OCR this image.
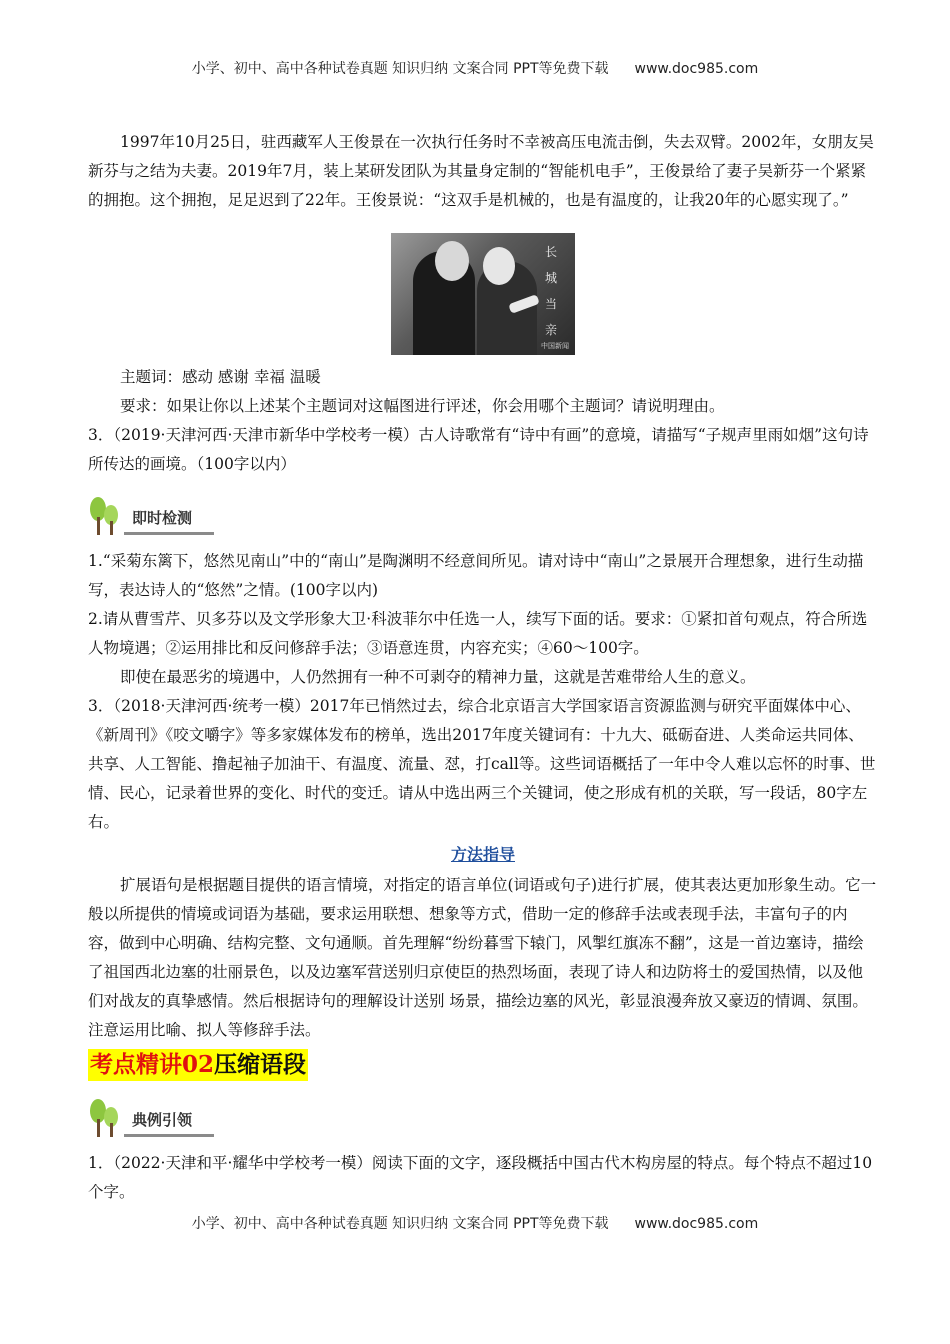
小学、初中、高中各种试卷真题 知识归纳 文案合同 PPT等免费下载 www.doc985.com

1997年10月25日，驻西藏军人王俊景在一次执行任务时不幸被高压电流击倒，失去双臂。2002年，女朋友吴新芬与之结为夫妻。2019年7月，装上某研发团队为其量身定制的“智能机电手”，王俊景给了妻子吴新芬一个紧紧的拥抱。这个拥抱，足足迟到了22年。王俊景说：“这双手是机械的，也是有温度的，让我20年的心愿实现了。”

长城当亲
中国新闻

主题词：感动 感谢 幸福 温暖

要求：如果让你以上述某个主题词对这幅图进行评述，你会用哪个主题词？请说明理由。

3．（2019·天津河西·天津市新华中学校考一模）古人诗歌常有“诗中有画”的意境，请描写“子规声里雨如烟”这句诗所传达的画境。（100字以内）

即时检测

1.“采菊东篱下，悠然见南山”中的“南山”是陶渊明不经意间所见。请对诗中“南山”之景展开合理想象，进行生动描写，表达诗人的“悠然”之情。(100字以内)

2.请从曹雪芹、贝多芬以及文学形象大卫·科波菲尔中任选一人，续写下面的话。要求：①紧扣首句观点，符合所选人物境遇；②运用排比和反问修辞手法；③语意连贯，内容充实；④60～100字。

即使在最恶劣的境遇中，人仍然拥有一种不可剥夺的精神力量，这就是苦难带给人生的意义。

3．（2018·天津河西·统考一模）2017年已悄然过去，综合北京语言大学国家语言资源监测与研究平面媒体中心、《新周刊》《咬文嚼字》等多家媒体发布的榜单，选出2017年度关键词有：十九大、砥砺奋进、人类命运共同体、共享、人工智能、撸起袖子加油干、有温度、流量、怼，打call等。这些词语概括了一年中令人难以忘怀的时事、世情、民心，记录着世界的变化、时代的变迁。请从中选出两三个关键词，使之形成有机的关联，写一段话，80字左右。

方法指导

扩展语句是根据题目提供的语言情境，对指定的语言单位(词语或句子)进行扩展，使其表达更加形象生动。它一般以所提供的情境或词语为基础，要求运用联想、想象等方式，借助一定的修辞手法或表现手法，丰富句子的内容，做到中心明确、结构完整、文句通顺。首先理解“纷纷暮雪下辕门，风掣红旗冻不翻”，这是一首边塞诗，描绘了祖国西北边塞的壮丽景色，以及边塞军营送别归京使臣的热烈场面，表现了诗人和边防将士的爱国热情，以及他们对战友的真挚感情。然后根据诗句的理解设计送别 场景，描绘边塞的风光，彰显浪漫奔放又豪迈的情调、氛围。注意运用比喻、拟人等修辞手法。

考点精讲02压缩语段
典例引领

1．（2022·天津和平·耀华中学校考一模）阅读下面的文字，逐段概括中国古代木构房屋的特点。每个特点不超过10个字。

小学、初中、高中各种试卷真题 知识归纳 文案合同 PPT等免费下载 www.doc985.com
